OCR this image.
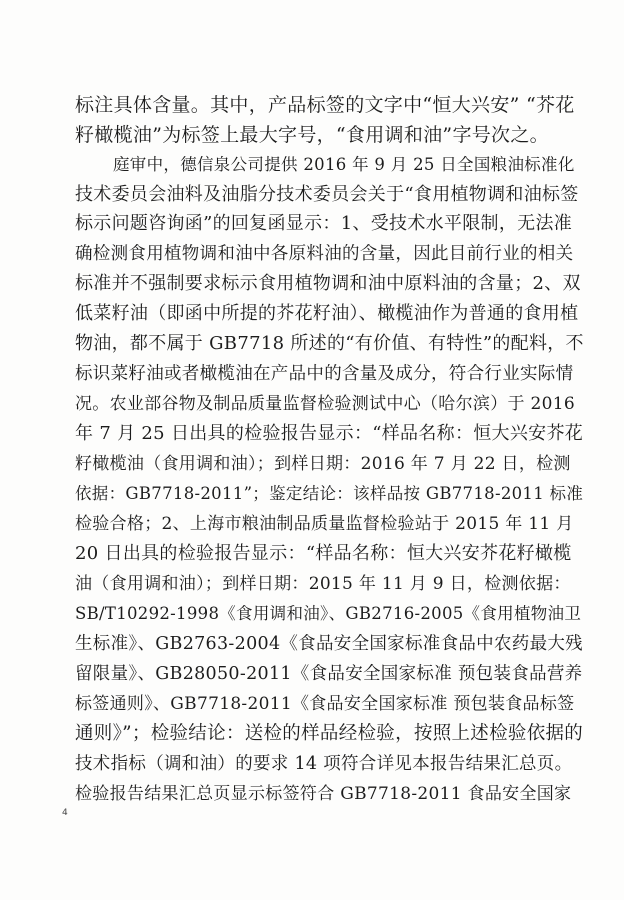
标注具体含量。其中，产品标签的文字中“恒大兴安” “芥花
籽橄榄油”为标签上最大字号，“食用调和油”字号次之。
庭审中，德信泉公司提供 2016 年 9 月 25 日全国粮油标准化
技术委员会油料及油脂分技术委员会关于“食用植物调和油标签
标示问题咨询函”的回复函显示：1、受技术水平限制，无法准
确检测食用植物调和油中各原料油的含量，因此目前行业的相关
标准并不强制要求标示食用植物调和油中原料油的含量；2、双
低菜籽油（即函中所提的芥花籽油）、橄榄油作为普通的食用植
物油，都不属于 GB7718 所述的“有价值、有特性”的配料，不
标识菜籽油或者橄榄油在产品中的含量及成分，符合行业实际情
况。农业部谷物及制品质量监督检验测试中心（哈尔滨）于 2016
年 7 月 25 日出具的检验报告显示：“样品名称：恒大兴安芥花
籽橄榄油（食用调和油）；到样日期：2016 年 7 月 22 日，检测
依据：GB7718-2011”；鉴定结论：该样品按 GB7718-2011 标准
检验合格；2、上海市粮油制品质量监督检验站于 2015 年 11 月
20 日出具的检验报告显示：“样品名称：恒大兴安芥花籽橄榄
油（食用调和油）；到样日期：2015 年 11 月 9 日，检测依据：
SB/T10292-1998《食用调和油》、GB2716-2005《食用植物油卫
生标准》、GB2763-2004《食品安全国家标准食品中农药最大残
留限量》、GB28050-2011《食品安全国家标准 预包装食品营养
标签通则》、GB7718-2011《食品安全国家标准 预包装食品标签
通则》”；检验结论：送检的样品经检验，按照上述检验依据的
技术指标（调和油）的要求 14 项符合详见本报告结果汇总页。
检验报告结果汇总页显示标签符合 GB7718-2011 食品安全国家
4
